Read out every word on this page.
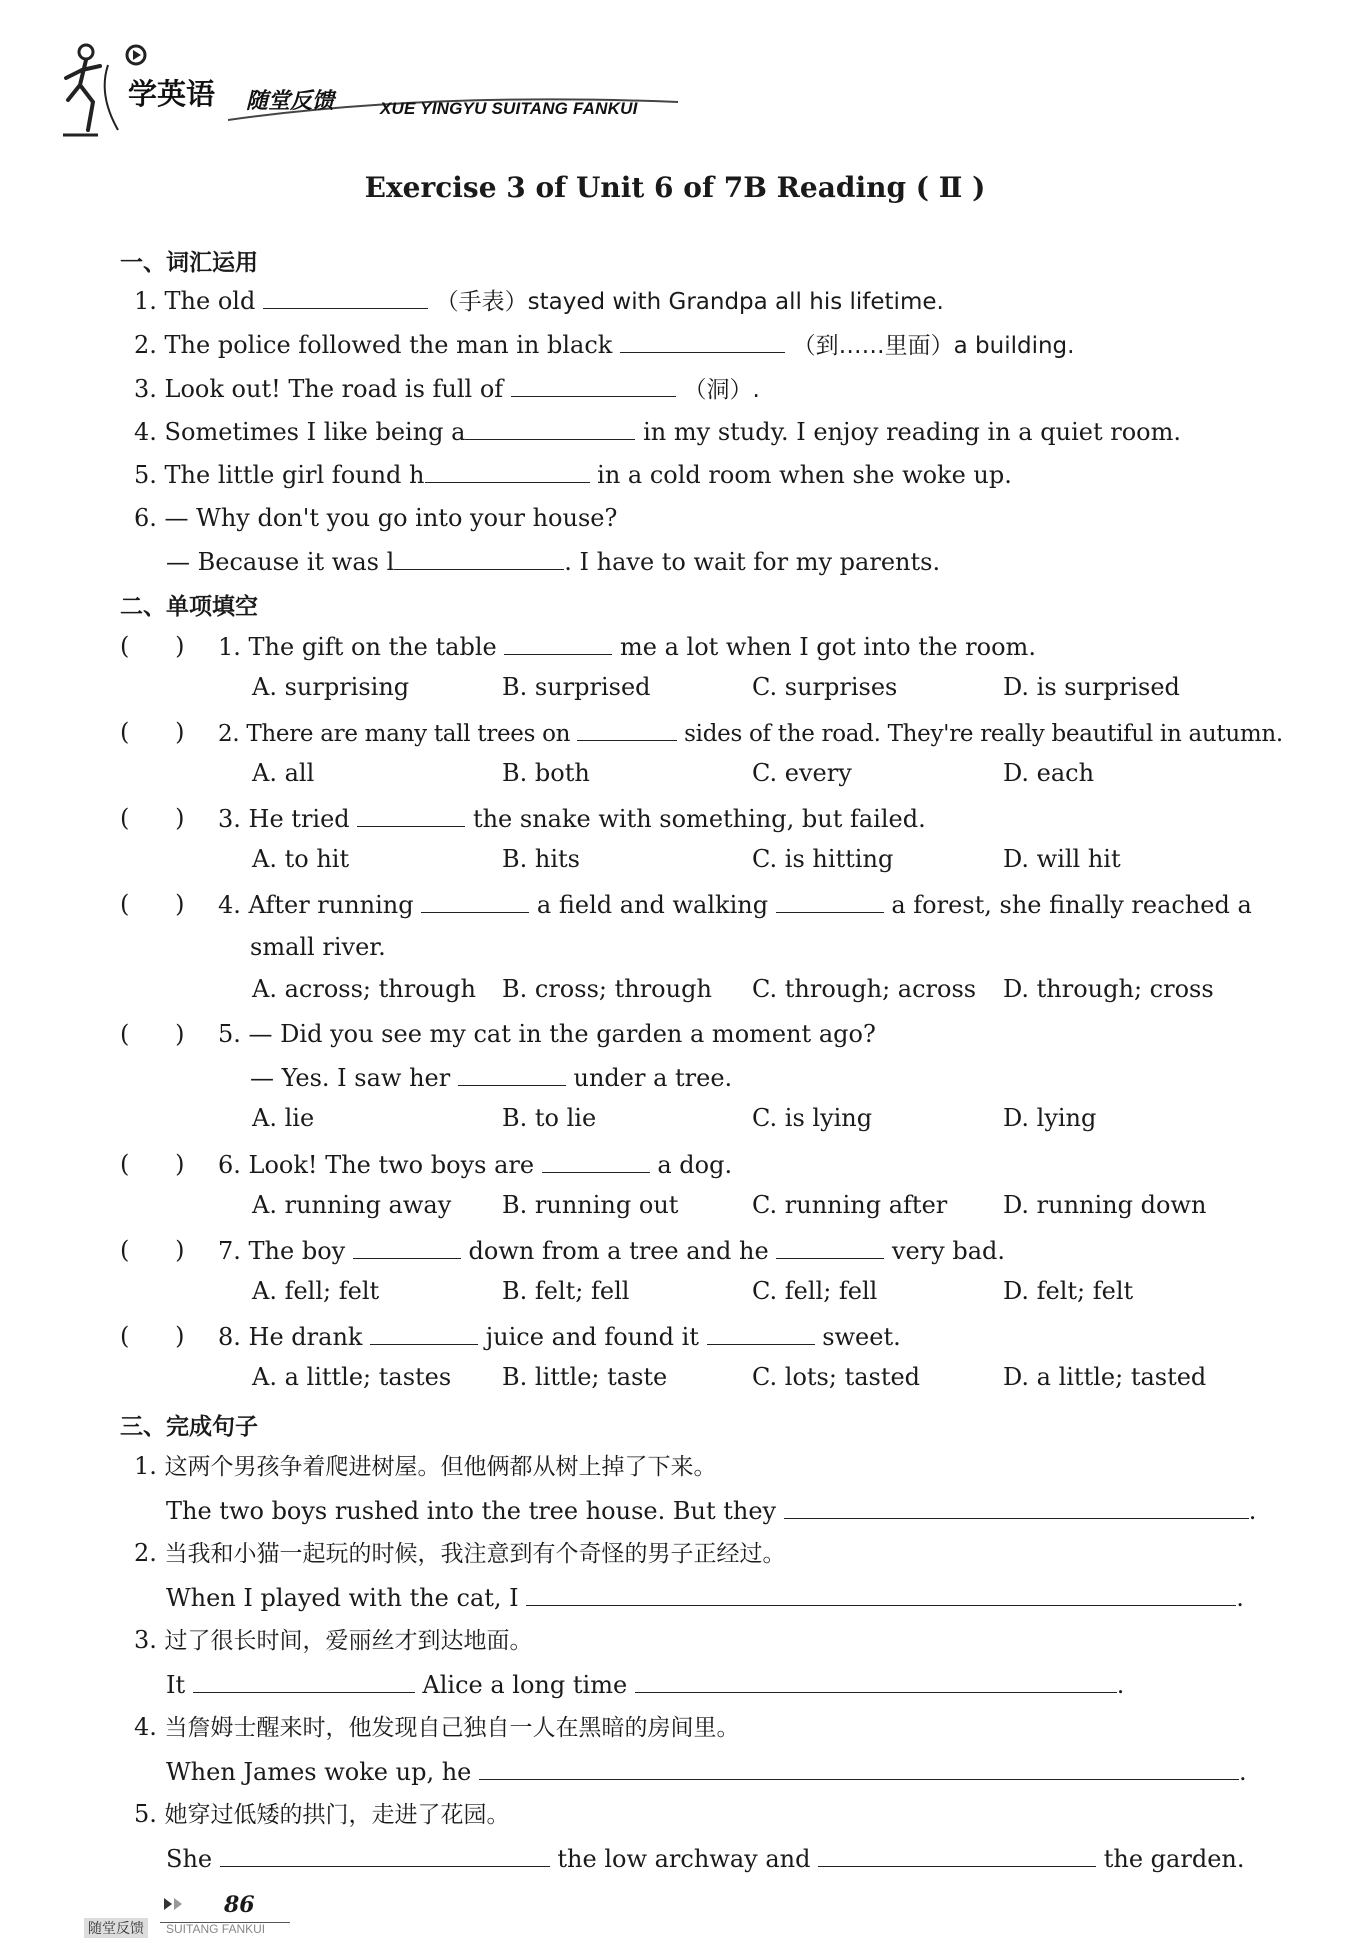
学英语 随堂反馈	XUE YINGYU SUITANG FANKUI
Exercise 3 of Unit 6 of 7B Reading ( Ⅱ )
一、词汇运用
1. The old	（手表）stayed with Grandpa all his lifetime.
2. The police followed the man in black	（到……里面）a building.
3. Look out! The road is full of	（洞）.
4. Sometimes I like being a	in my study. I enjoy reading in a quiet room.
5. The little girl found h	in a cold room when she woke up.
6. — Why don't you go into your house?
— Because it was l	. I have to wait for my parents.
二、单项填空
(      ) 1. The gift on the table	me a lot when I got into the room.
A. surprising	B. surprised	C. surprises	D. is surprised
(      ) 2. There are many tall trees on	sides of the road. They're really beautiful in autumn.
A. all	B. both	C. every	D. each
(      ) 3. He tried	the snake with something, but failed.
A. to hit	B. hits	C. is hitting	D. will hit
(      ) 4. After running	a field and walking	a forest, she finally reached a
small river.
A. across; through B. cross; through C. through; across D. through; cross
(      ) 5. — Did you see my cat in the garden a moment ago?
— Yes. I saw her	under a tree.
A. lie	B. to lie	C. is lying	D. lying
(      ) 6. Look! The two boys are	a dog.
A. running away B. running out	C. running after D. running down
(      ) 7. The boy	down from a tree and he	very bad.
A. fell; felt	B. felt; fell	C. fell; fell	D. felt; felt
(      ) 8. He drank	juice and found it	sweet.
A. a little; tastes B. little; taste	C. lots; tasted	D. a little; tasted
三、完成句子
1. 这两个男孩争着爬进树屋。但他俩都从树上掉了下来。
The two boys rushed into the tree house. But they	.
2. 当我和小猫一起玩的时候，我注意到有个奇怪的男子正经过。
When I played with the cat, I	.
3. 过了很长时间，爱丽丝才到达地面。
It	Alice a long time	.
4. 当詹姆士醒来时，他发现自己独自一人在黑暗的房间里。
When James woke up, he	.
5. 她穿过低矮的拱门，走进了花园。
She	the low archway and	the garden.
86
随堂反馈	SUITANG FANKUI
